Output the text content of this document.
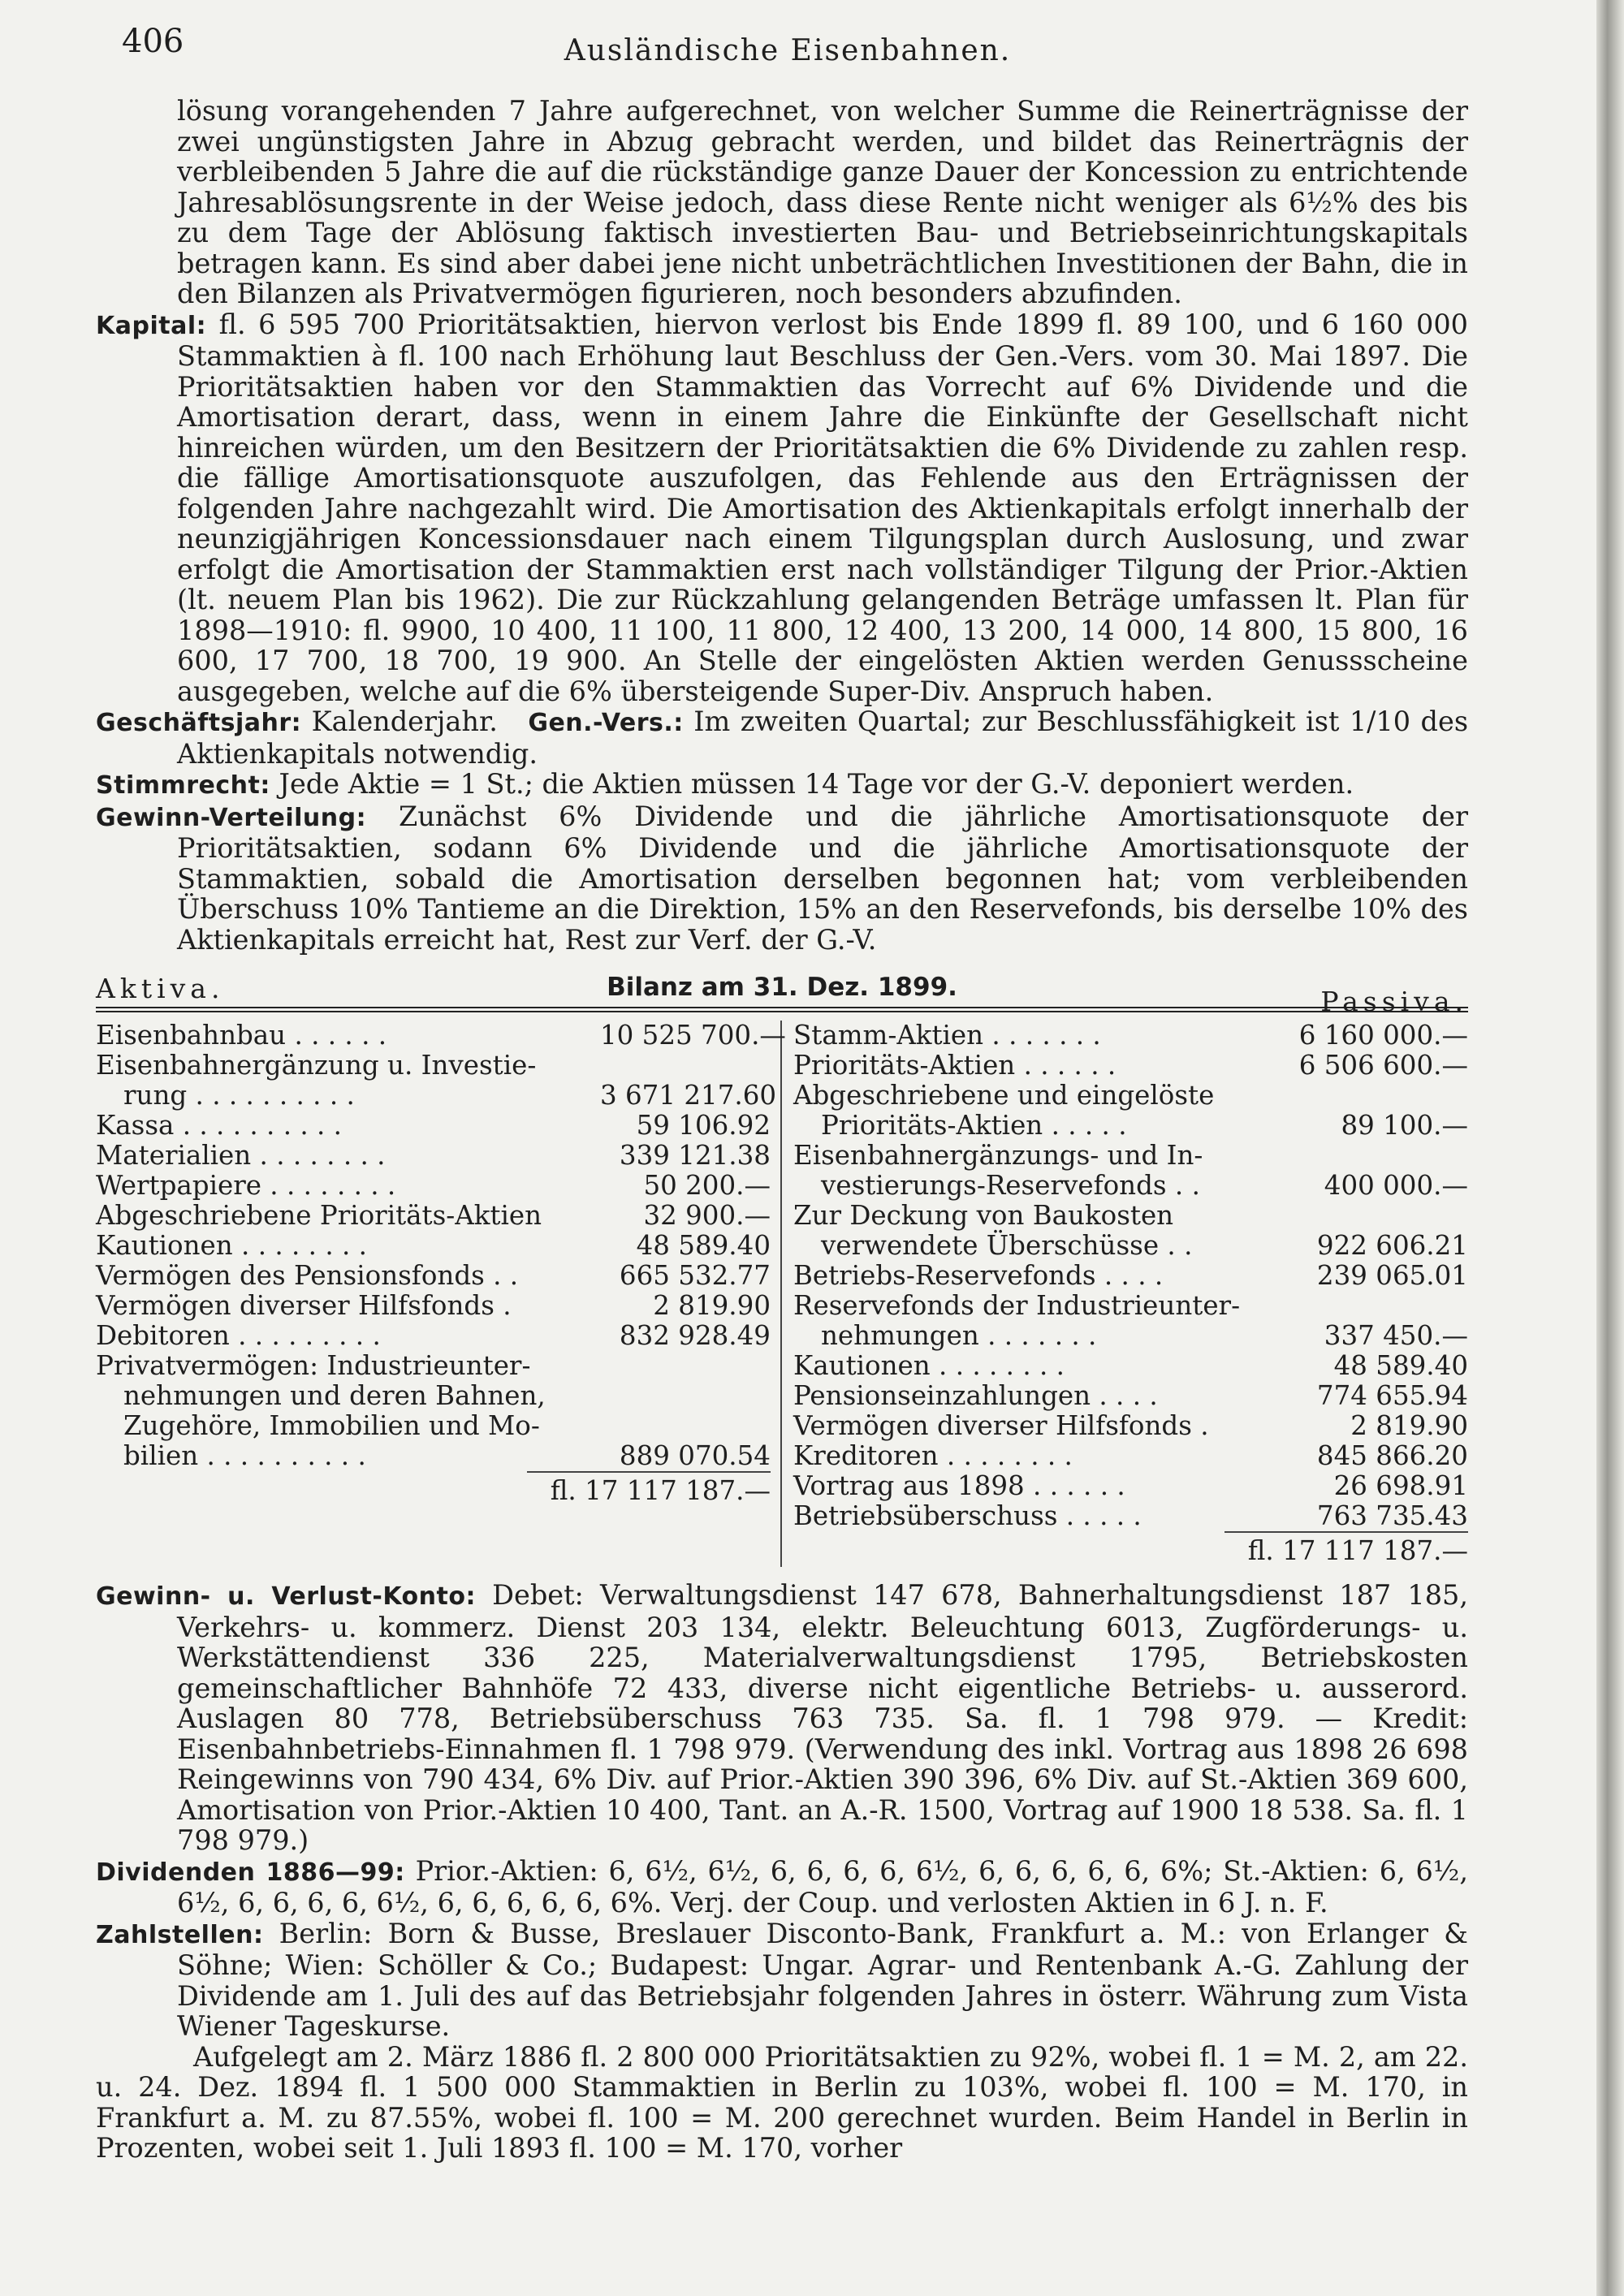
406	Ausländische Eisenbahnen.

lösung vorangehenden 7 Jahre aufgerechnet, von welcher Summe die Reinerträgnisse der zwei ungünstigsten Jahre in Abzug gebracht werden, und bildet das Reinerträgnis der verbleibenden 5 Jahre die auf die rückständige ganze Dauer der Koncession zu entrichtende Jahresablösungsrente in der Weise jedoch, dass diese Rente nicht weniger als 6½% des bis zu dem Tage der Ablösung faktisch investierten Bau- und Betriebseinrichtungskapitals betragen kann. Es sind aber dabei jene nicht unbeträchtlichen Investitionen der Bahn, die in den Bilanzen als Privatvermögen figurieren, noch besonders abzufinden.

Kapital: fl. 6 595 700 Prioritätsaktien, hiervon verlost bis Ende 1899 fl. 89 100, und 6 160 000 Stammaktien à fl. 100 nach Erhöhung laut Beschluss der Gen.-Vers. vom 30. Mai 1897. Die Prioritätsaktien haben vor den Stammaktien das Vorrecht auf 6% Dividende und die Amortisation derart, dass, wenn in einem Jahre die Einkünfte der Gesellschaft nicht hinreichen würden, um den Besitzern der Prioritätsaktien die 6% Dividende zu zahlen resp. die fällige Amortisationsquote auszufolgen, das Fehlende aus den Erträgnissen der folgenden Jahre nachgezahlt wird. Die Amortisation des Aktienkapitals erfolgt innerhalb der neunzigjährigen Koncessionsdauer nach einem Tilgungsplan durch Auslosung, und zwar erfolgt die Amortisation der Stammaktien erst nach vollständiger Tilgung der Prior.-Aktien (lt. neuem Plan bis 1962). Die zur Rückzahlung gelangenden Beträge umfassen lt. Plan für 1898—1910: fl. 9900, 10 400, 11 100, 11 800, 12 400, 13 200, 14 000, 14 800, 15 800, 16 600, 17 700, 18 700, 19 900. An Stelle der eingelösten Aktien werden Genussscheine ausgegeben, welche auf die 6% übersteigende Super-Div. Anspruch haben.

Geschäftsjahr: Kalenderjahr. Gen.-Vers.: Im zweiten Quartal; zur Beschlussfähigkeit ist 1/10 des Aktienkapitals notwendig.

Stimmrecht: Jede Aktie = 1 St.; die Aktien müssen 14 Tage vor der G.-V. deponiert werden.

Gewinn-Verteilung: Zunächst 6% Dividende und die jährliche Amortisationsquote der Prioritätsaktien, sodann 6% Dividende und die jährliche Amortisationsquote der Stammaktien, sobald die Amortisation derselben begonnen hat; vom verbleibenden Überschuss 10% Tantieme an die Direktion, 15% an den Reservefonds, bis derselbe 10% des Aktienkapitals erreicht hat, Rest zur Verf. der G.-V.

Aktiva.	Bilanz am 31. Dez. 1899.	Passiva.
Eisenbahnbau . . . . . .	10 525 700.—
Eisenbahnergänzung u. Investie-
rung . . . . . . . . . .	3 671 217.60
Kassa . . . . . . . . . .	59 106.92
Materialien . . . . . . . .	339 121.38
Wertpapiere . . . . . . . .	50 200.—
Abgeschriebene Prioritäts-Aktien	32 900.—
Kautionen . . . . . . . .	48 589.40
Vermögen des Pensionsfonds . .	665 532.77
Vermögen diverser Hilfsfonds .	2 819.90
Debitoren . . . . . . . . .	832 928.49
Privatvermögen: Industrieunter-
nehmungen und deren Bahnen,
Zugehöre, Immobilien und Mo-
bilien . . . . . . . . . .	889 070.54
fl. 17 117 187.—
Stamm-Aktien . . . . . . .	6 160 000.—
Prioritäts-Aktien . . . . . .	6 506 600.—
Abgeschriebene und eingelöste
Prioritäts-Aktien . . . . .	89 100.—
Eisenbahnergänzungs- und In-
vestierungs-Reservefonds . .	400 000.—
Zur Deckung von Baukosten
verwendete Überschüsse . .	922 606.21
Betriebs-Reservefonds . . . .	239 065.01
Reservefonds der Industrieunter-
nehmungen . . . . . . .	337 450.—
Kautionen . . . . . . . .	48 589.40
Pensionseinzahlungen . . . .	774 655.94
Vermögen diverser Hilfsfonds .	2 819.90
Kreditoren . . . . . . . .	845 866.20
Vortrag aus 1898 . . . . . .	26 698.91
Betriebsüberschuss . . . . .	763 735.43
fl. 17 117 187.—

Gewinn- u. Verlust-Konto: Debet: Verwaltungsdienst 147 678, Bahnerhaltungsdienst 187 185, Verkehrs- u. kommerz. Dienst 203 134, elektr. Beleuchtung 6013, Zugförderungs- u. Werkstättendienst 336 225, Materialverwaltungsdienst 1795, Betriebskosten gemeinschaftlicher Bahnhöfe 72 433, diverse nicht eigentliche Betriebs- u. ausserord. Auslagen 80 778, Betriebsüberschuss 763 735. Sa. fl. 1 798 979. — Kredit: Eisenbahnbetriebs-Einnahmen fl. 1 798 979. (Verwendung des inkl. Vortrag aus 1898 26 698 Reingewinns von 790 434, 6% Div. auf Prior.-Aktien 390 396, 6% Div. auf St.-Aktien 369 600, Amortisation von Prior.-Aktien 10 400, Tant. an A.-R. 1500, Vortrag auf 1900 18 538. Sa. fl. 1 798 979.)

Dividenden 1886—99: Prior.-Aktien: 6, 6½, 6½, 6, 6, 6, 6, 6½, 6, 6, 6, 6, 6, 6%; St.-Aktien: 6, 6½, 6½, 6, 6, 6, 6, 6½, 6, 6, 6, 6, 6, 6%. Verj. der Coup. und verlosten Aktien in 6 J. n. F.

Zahlstellen: Berlin: Born & Busse, Breslauer Disconto-Bank, Frankfurt a. M.: von Erlanger & Söhne; Wien: Schöller & Co.; Budapest: Ungar. Agrar- und Rentenbank A.-G. Zahlung der Dividende am 1. Juli des auf das Betriebsjahr folgenden Jahres in österr. Währung zum Vista Wiener Tageskurse.

Aufgelegt am 2. März 1886 fl. 2 800 000 Prioritätsaktien zu 92%, wobei fl. 1 = M. 2, am 22. u. 24. Dez. 1894 fl. 1 500 000 Stammaktien in Berlin zu 103%, wobei fl. 100 = M. 170, in Frankfurt a. M. zu 87.55%, wobei fl. 100 = M. 200 gerechnet wurden. Beim Handel in Berlin in Prozenten, wobei seit 1. Juli 1893 fl. 100 = M. 170, vorher
